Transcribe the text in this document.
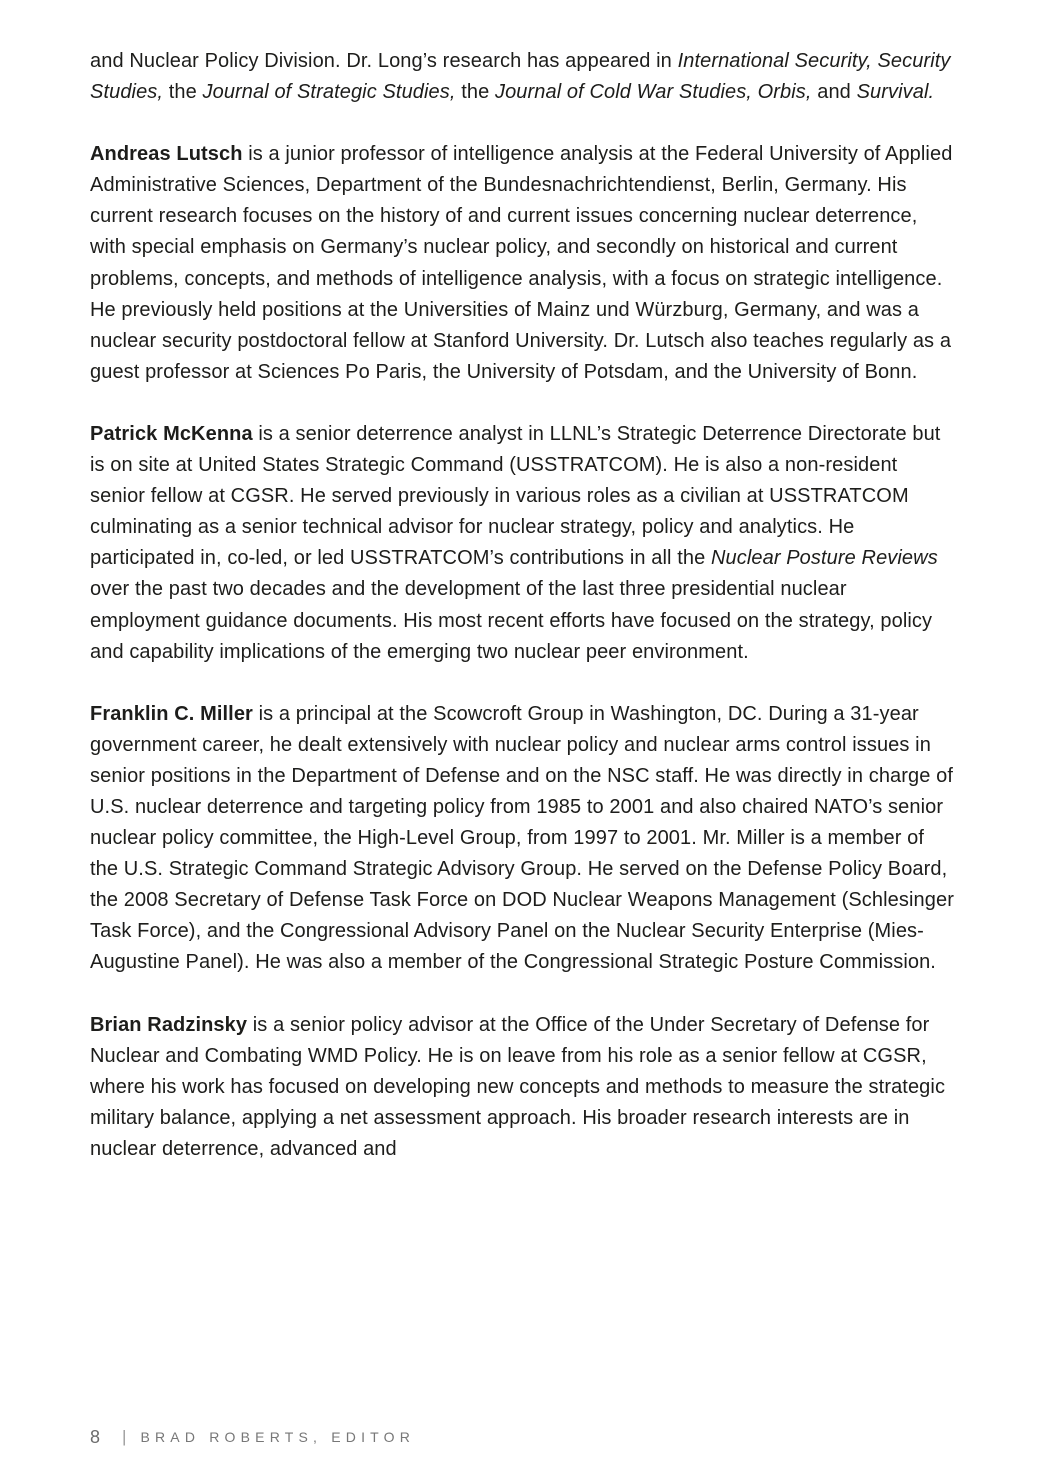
and Nuclear Policy Division. Dr. Long’s research has appeared in International Security, Security Studies, the Journal of Strategic Studies, the Journal of Cold War Studies, Orbis, and Survival.

Andreas Lutsch is a junior professor of intelligence analysis at the Federal University of Applied Administrative Sciences, Department of the Bundesnachrichtendienst, Berlin, Germany. His current research focuses on the history of and current issues concerning nuclear deterrence, with special emphasis on Germany’s nuclear policy, and secondly on historical and current problems, concepts, and methods of intelligence analysis, with a focus on strategic intelligence. He previously held positions at the Universities of Mainz und Würzburg, Germany, and was a nuclear security postdoctoral fellow at Stanford University. Dr. Lutsch also teaches regularly as a guest professor at Sciences Po Paris, the University of Potsdam, and the University of Bonn.

Patrick McKenna is a senior deterrence analyst in LLNL’s Strategic Deterrence Directorate but is on site at United States Strategic Command (USSTRATCOM). He is also a non-resident senior fellow at CGSR. He served previously in various roles as a civilian at USSTRATCOM culminating as a senior technical advisor for nuclear strategy, policy and analytics. He participated in, co-led, or led USSTRATCOM’s contributions in all the Nuclear Posture Reviews over the past two decades and the development of the last three presidential nuclear employment guidance documents. His most recent efforts have focused on the strategy, policy and capability implications of the emerging two nuclear peer environment.

Franklin C. Miller is a principal at the Scowcroft Group in Washington, DC. During a 31-year government career, he dealt extensively with nuclear policy and nuclear arms control issues in senior positions in the Department of Defense and on the NSC staff. He was directly in charge of U.S. nuclear deterrence and targeting policy from 1985 to 2001 and also chaired NATO’s senior nuclear policy committee, the High-Level Group, from 1997 to 2001. Mr. Miller is a member of the U.S. Strategic Command Strategic Advisory Group. He served on the Defense Policy Board, the 2008 Secretary of Defense Task Force on DOD Nuclear Weapons Management (Schlesinger Task Force), and the Congressional Advisory Panel on the Nuclear Security Enterprise (Mies-Augustine Panel). He was also a member of the Congressional Strategic Posture Commission.

Brian Radzinsky is a senior policy advisor at the Office of the Under Secretary of Defense for Nuclear and Combating WMD Policy. He is on leave from his role as a senior fellow at CGSR, where his work has focused on developing new concepts and methods to measure the strategic military balance, applying a net assessment approach. His broader research interests are in nuclear deterrence, advanced and

8 | BRAD ROBERTS, EDITOR
